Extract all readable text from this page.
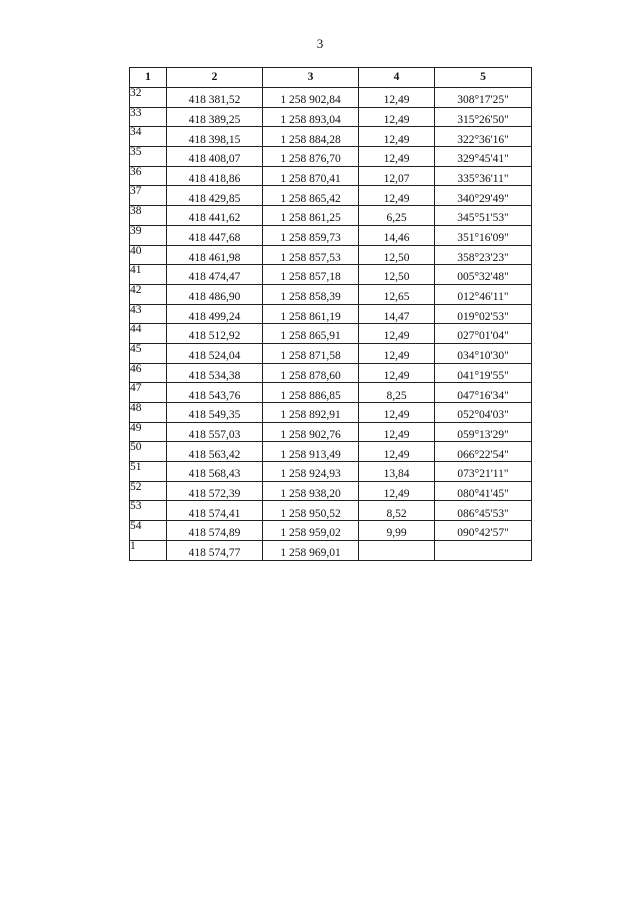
3
1	2	3	4	5
32	418 381,52	1 258 902,84	12,49	308°17'25"
33	418 389,25	1 258 893,04	12,49	315°26'50"
34	418 398,15	1 258 884,28	12,49	322°36'16"
35	418 408,07	1 258 876,70	12,49	329°45'41"
36	418 418,86	1 258 870,41	12,07	335°36'11"
37	418 429,85	1 258 865,42	12,49	340°29'49"
38	418 441,62	1 258 861,25	6,25	345°51'53"
39	418 447,68	1 258 859,73	14,46	351°16'09"
40	418 461,98	1 258 857,53	12,50	358°23'23"
41	418 474,47	1 258 857,18	12,50	005°32'48"
42	418 486,90	1 258 858,39	12,65	012°46'11"
43	418 499,24	1 258 861,19	14,47	019°02'53"
44	418 512,92	1 258 865,91	12,49	027°01'04"
45	418 524,04	1 258 871,58	12,49	034°10'30"
46	418 534,38	1 258 878,60	12,49	041°19'55"
47	418 543,76	1 258 886,85	8,25	047°16'34"
48	418 549,35	1 258 892,91	12,49	052°04'03"
49	418 557,03	1 258 902,76	12,49	059°13'29"
50	418 563,42	1 258 913,49	12,49	066°22'54"
51	418 568,43	1 258 924,93	13,84	073°21'11"
52	418 572,39	1 258 938,20	12,49	080°41'45"
53	418 574,41	1 258 950,52	8,52	086°45'53"
54	418 574,89	1 258 959,02	9,99	090°42'57"
1	418 574,77	1 258 969,01		
